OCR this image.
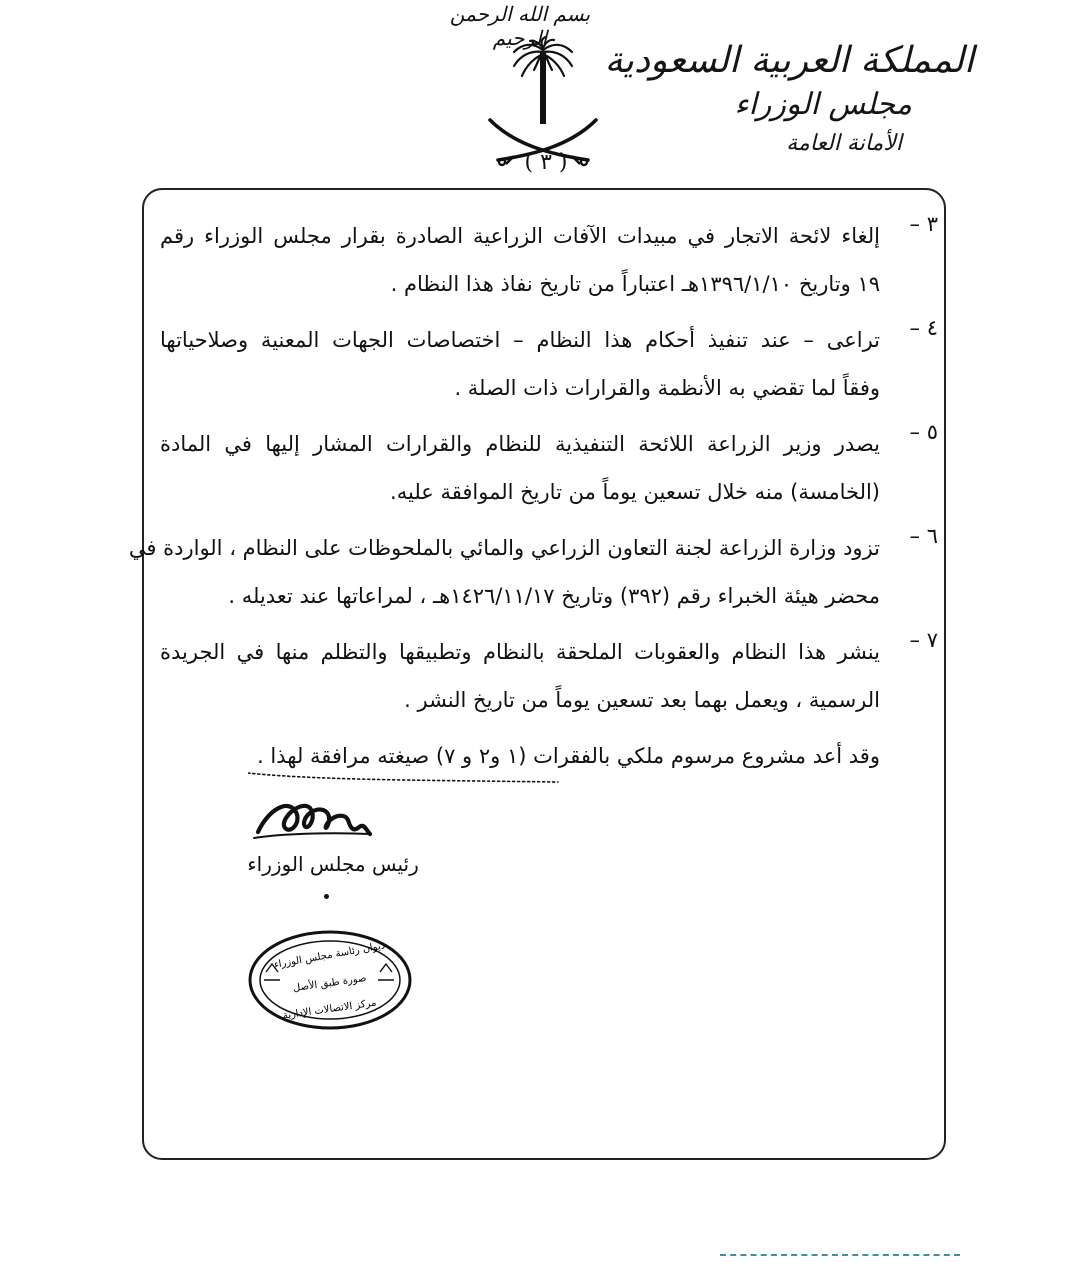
بسم الله الرحمن الرحيم
( ٣ )
المملكة العربية السعودية
مجلس الوزراء
الأمانة العامة
٣ –
إلغاء لائحة الاتجار في مبيدات الآفات الزراعية الصادرة بقرار مجلس الوزراء رقم
١٩ وتاريخ ١٣٩٦/١/١٠هـ اعتباراً من تاريخ نفاذ هذا النظام .
٤ –
تراعى – عند تنفيذ أحكام هذا النظام – اختصاصات الجهات المعنية وصلاحياتها
وفقاً لما تقضي به الأنظمة والقرارات ذات الصلة .
٥ –
يصدر وزير الزراعة اللائحة التنفيذية للنظام والقرارات المشار إليها في المادة
(الخامسة) منه خلال تسعين يوماً من تاريخ الموافقة عليه.
٦ –
تزود وزارة الزراعة لجنة التعاون الزراعي والمائي بالملحوظات على النظام ، الواردة في
محضر هيئة الخبراء رقم (٣٩٢) وتاريخ ١٤٢٦/١١/١٧هـ ، لمراعاتها عند تعديله .
٧ –
ينشر هذا النظام والعقوبات الملحقة بالنظام وتطبيقها والتظلم منها في الجريدة
الرسمية ، ويعمل بهما بعد تسعين يوماً من تاريخ النشر .
وقد أعد مشروع مرسوم ملكي بالفقرات (١ و٢ و ٧) صيغته مرافقة لهذا .
رئيس مجلس الوزراء
ديوان رئاسة مجلس الوزراء
صورة طبق الأصل
مركز الاتصالات الإدارية
